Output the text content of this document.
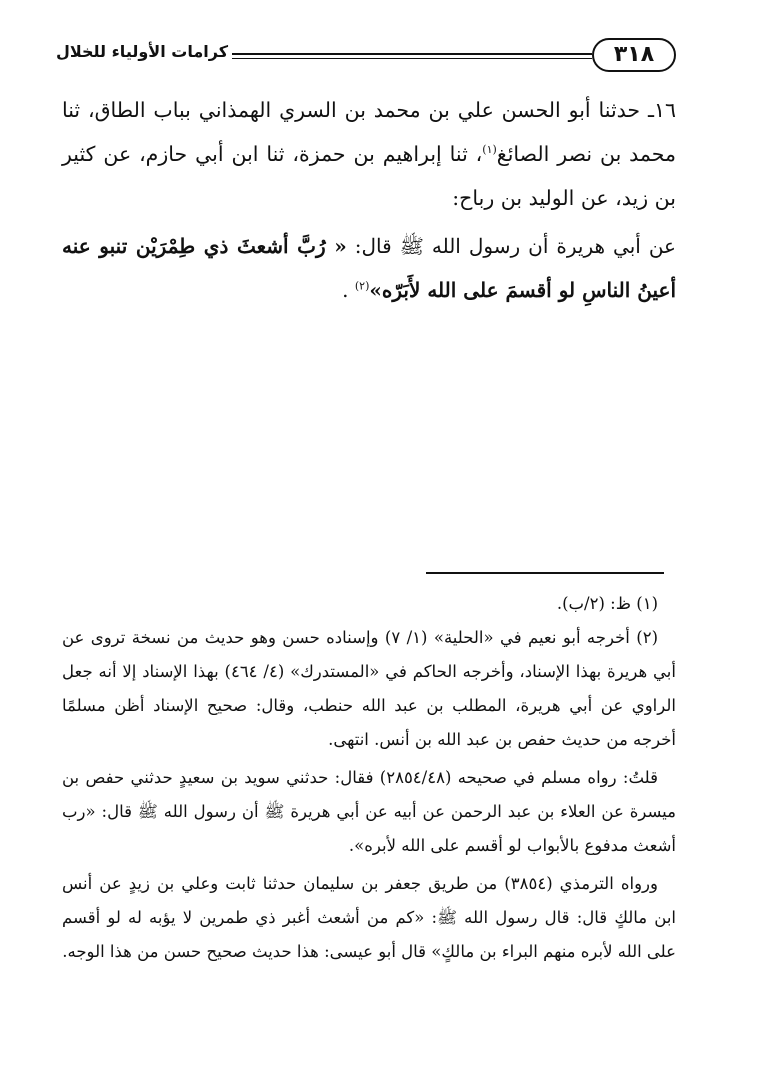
كرامات الأولياء للخلال	٣١٨

١٦ـ حدثنا أبو الحسن علي بن محمد بن السري الهمذاني بباب الطاق، ثنا محمد بن نصر الصائغ$^{(١)}$، ثنا إبراهيم بن حمزة، ثنا ابن أبي حازم، عن كثير بن زيد، عن الوليد بن رباح:

عن أبي هريرة أن رسول الله ﷺ قال: « رُبَّ أشعثَ ذي طِمْرَيْن تنبو عنه أعينُ الناسِ لو أقسمَ على الله لأَبَرّه»$^{(٢)}$ .

(١) ظ: (٢/ب).

(٢) أخرجه أبو نعيم في «الحلية» (١/ ٧) وإسناده حسن وهو حديث من نسخة تروى عن أبي هريرة بهذا الإسناد، وأخرجه الحاكم في «المستدرك» (٤/ ٤٦٤) بهذا الإسناد إلا أنه جعل الراوي عن أبي هريرة، المطلب بن عبد الله حنطب، وقال: صحيح الإسناد أظن مسلمًا أخرجه من حديث حفص بن عبد الله بن أنس. انتهى.

قلتُ: رواه مسلم في صحيحه (٢٨٥٤/٤٨) فقال: حدثني سويد بن سعيدٍ حدثني حفص بن ميسرة عن العلاء بن عبد الرحمن عن أبيه عن أبي هريرة ﷺ أن رسول الله ﷺ قال: «رب أشعث مدفوع بالأبواب لو أقسم على الله لأبره».

ورواه الترمذي (٣٨٥٤) من طريق جعفر بن سليمان حدثنا ثابت وعلي بن زيدٍ عن أنس ابن مالكٍ قال: قال رسول الله ﷺ: «كم من أشعث أغبر ذي طمرين لا يؤبه له لو أقسم على الله لأبره منهم البراء بن مالكٍ» قال أبو عيسى: هذا حديث صحيح حسن من هذا الوجه.
